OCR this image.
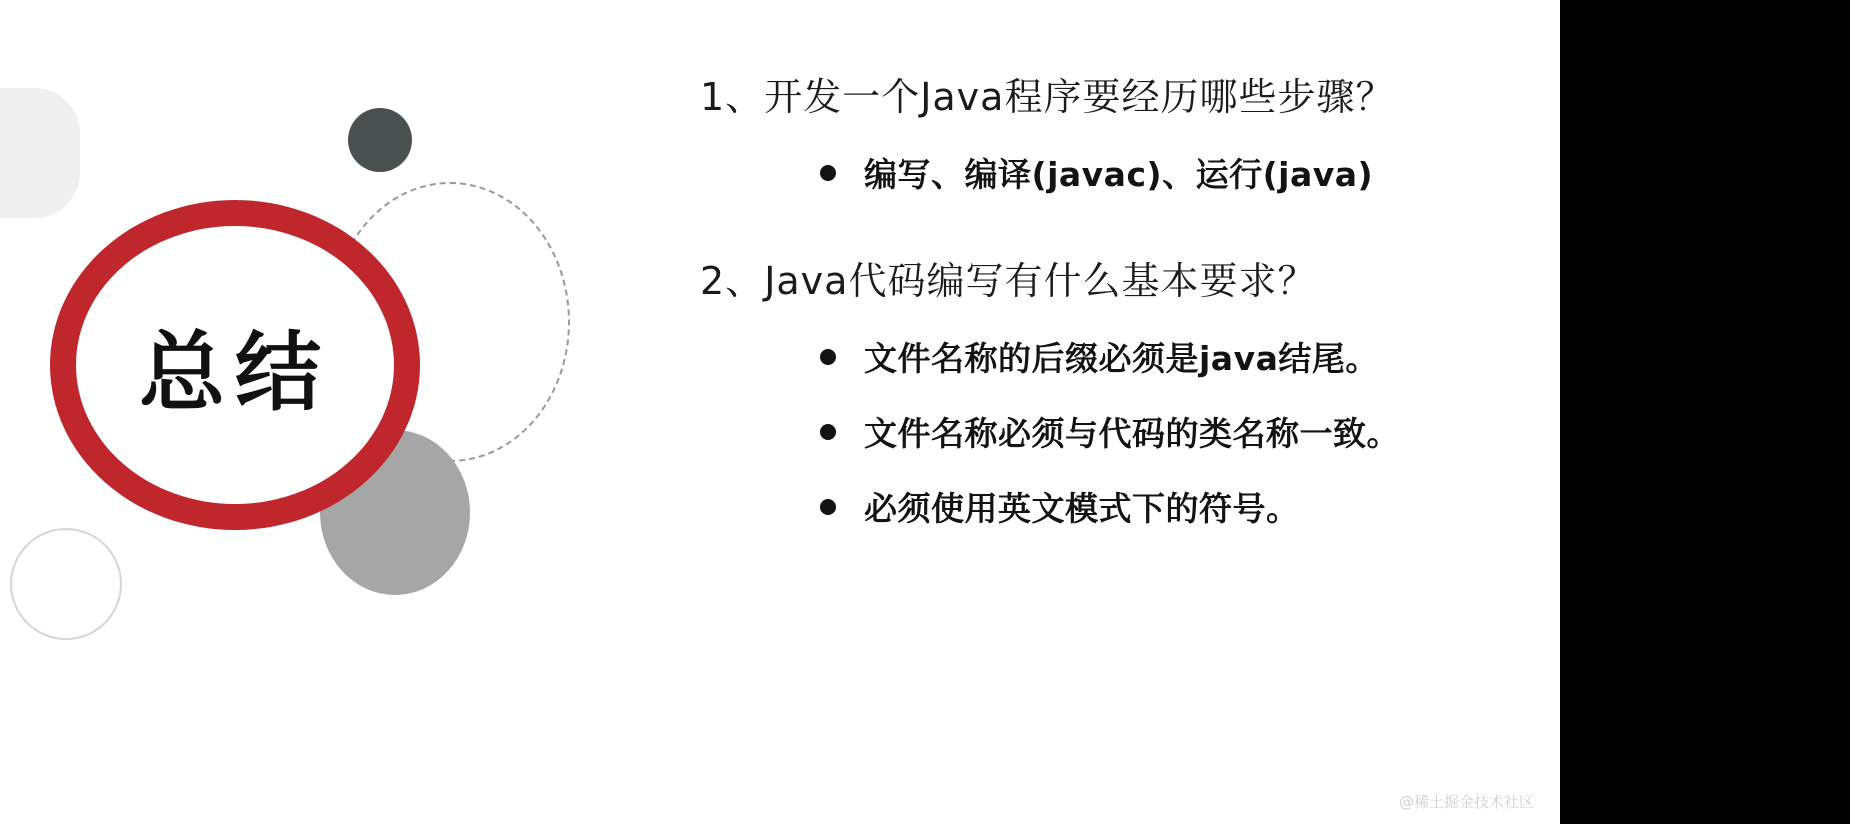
总结
1、 开发一个Java程序要经历哪些步骤？
编写、编译(javac)、运行(java)
2、 Java代码编写有什么基本要求？
文件名称的后缀必须是java结尾。
文件名称必须与代码的类名称一致。
必须使用英文模式下的符号。
@稀土掘金技术社区
